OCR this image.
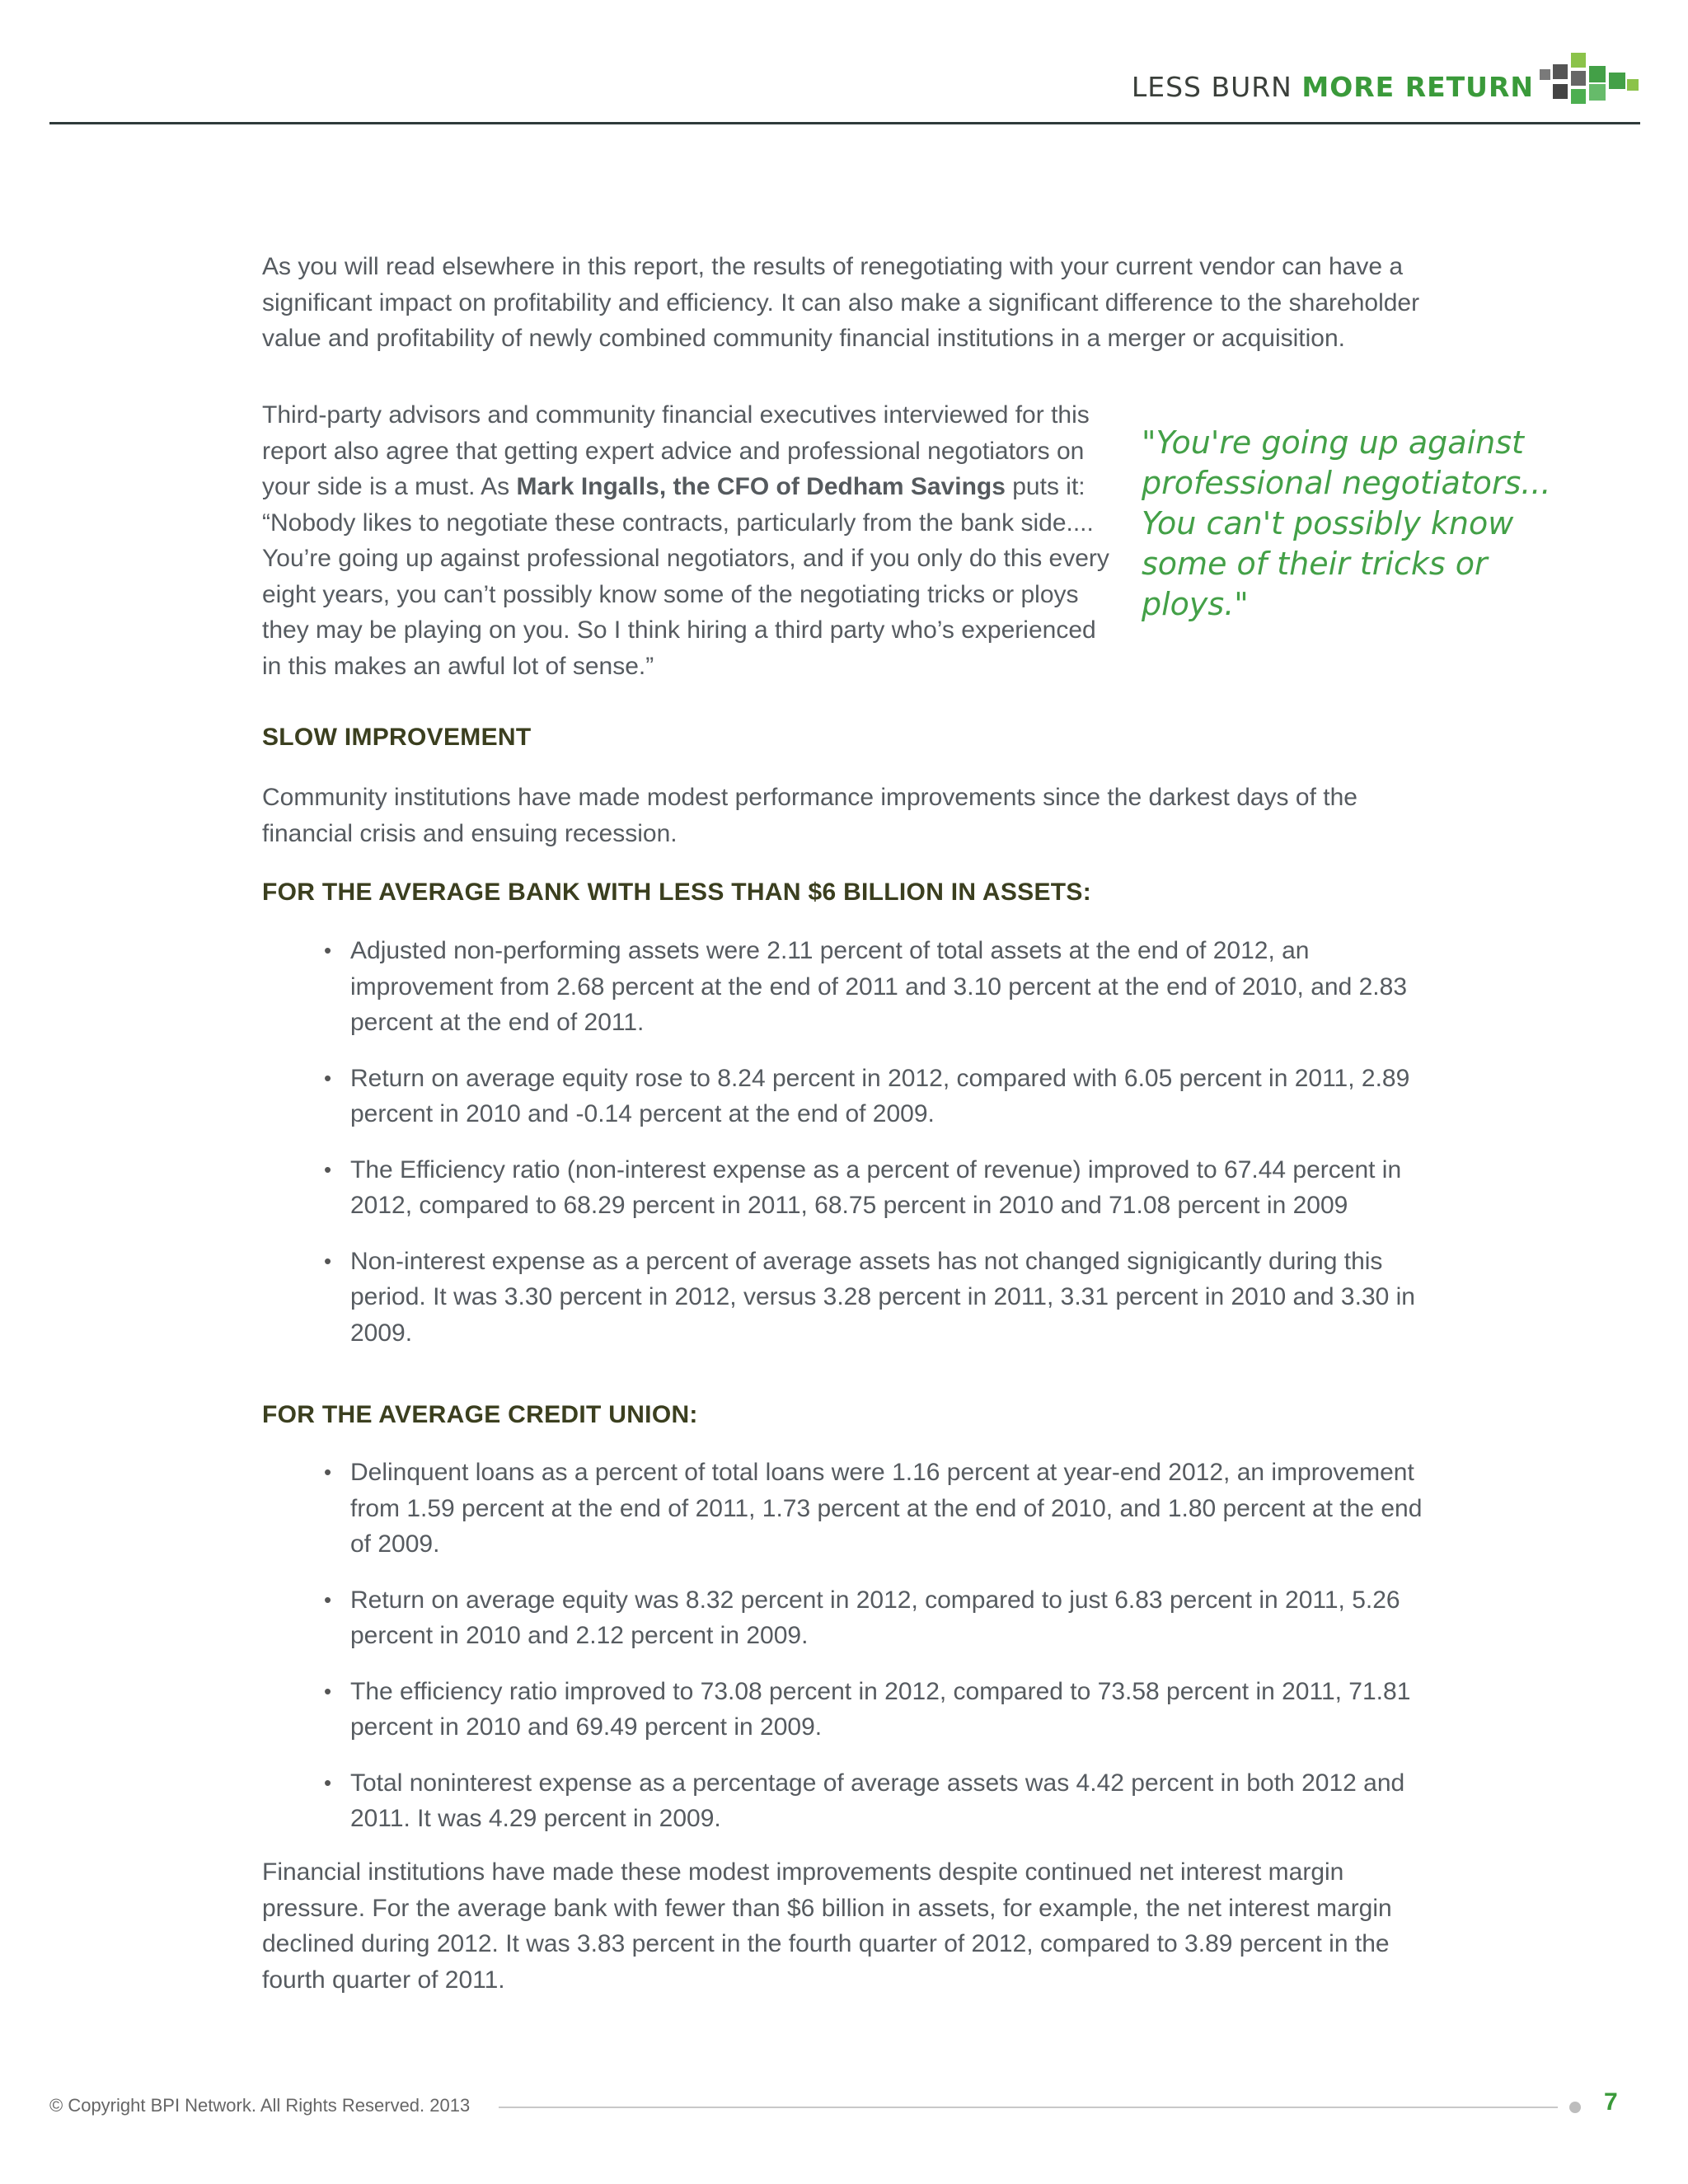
LESS BURN MORE RETURN
As you will read elsewhere in this report, the results of renegotiating with your current vendor can have a significant impact on profitability and efficiency. It can also make a significant difference to the shareholder value and profitability of newly combined community financial institutions in a merger or acquisition.
Third-party advisors and community financial executives interviewed for this report also agree that getting expert advice and professional negotiators on your side is a must. As Mark Ingalls, the CFO of Dedham Savings puts it: “Nobody likes to negotiate these contracts, particularly from the bank side.... You’re going up against professional negotiators, and if you only do this every eight years, you can’t possibly know some of the negotiating tricks or ploys they may be playing on you. So I think hiring a third party who’s experienced in this makes an awful lot of sense.”
"You're going up against professional negotiators... You can't possibly know some of their tricks or ploys."
SLOW IMPROVEMENT
Community institutions have made modest performance improvements since the darkest days of the financial crisis and ensuing recession.
FOR THE AVERAGE BANK WITH LESS THAN $6 BILLION IN ASSETS:
• Adjusted non-performing assets were 2.11 percent of total assets at the end of 2012, an improvement from 2.68 percent at the end of 2011 and 3.10 percent at the end of 2010, and 2.83 percent at the end of 2011.
• Return on average equity rose to 8.24 percent in 2012, compared with 6.05 percent in 2011, 2.89 percent in 2010 and -0.14 percent at the end of 2009.
• The Efficiency ratio (non-interest expense as a percent of revenue) improved to 67.44 percent in 2012, compared to 68.29 percent in 2011, 68.75 percent in 2010 and 71.08 percent in 2009
• Non-interest expense as a percent of average assets has not changed signigicantly during this period. It was 3.30 percent in 2012, versus 3.28 percent in 2011, 3.31 percent in 2010 and 3.30 in 2009.
FOR THE AVERAGE CREDIT UNION:
• Delinquent loans as a percent of total loans were 1.16 percent at year-end 2012, an improvement from 1.59 percent at the end of 2011, 1.73 percent at the end of 2010, and 1.80 percent at the end of 2009.
• Return on average equity was 8.32 percent in 2012, compared to just 6.83 percent in 2011, 5.26 percent in 2010 and 2.12 percent in 2009.
• The efficiency ratio improved to 73.08 percent in 2012, compared to 73.58 percent in 2011, 71.81 percent in 2010 and 69.49 percent in 2009.
• Total noninterest expense as a percentage of average assets was 4.42 percent in both 2012 and 2011. It was 4.29 percent in 2009.
Financial institutions have made these modest improvements despite continued net interest margin pressure. For the average bank with fewer than $6 billion in assets, for example, the net interest margin declined during 2012. It was 3.83 percent in the fourth quarter of 2012, compared to 3.89 percent in the fourth quarter of 2011.
© Copyright BPI Network. All Rights Reserved. 2013	7
